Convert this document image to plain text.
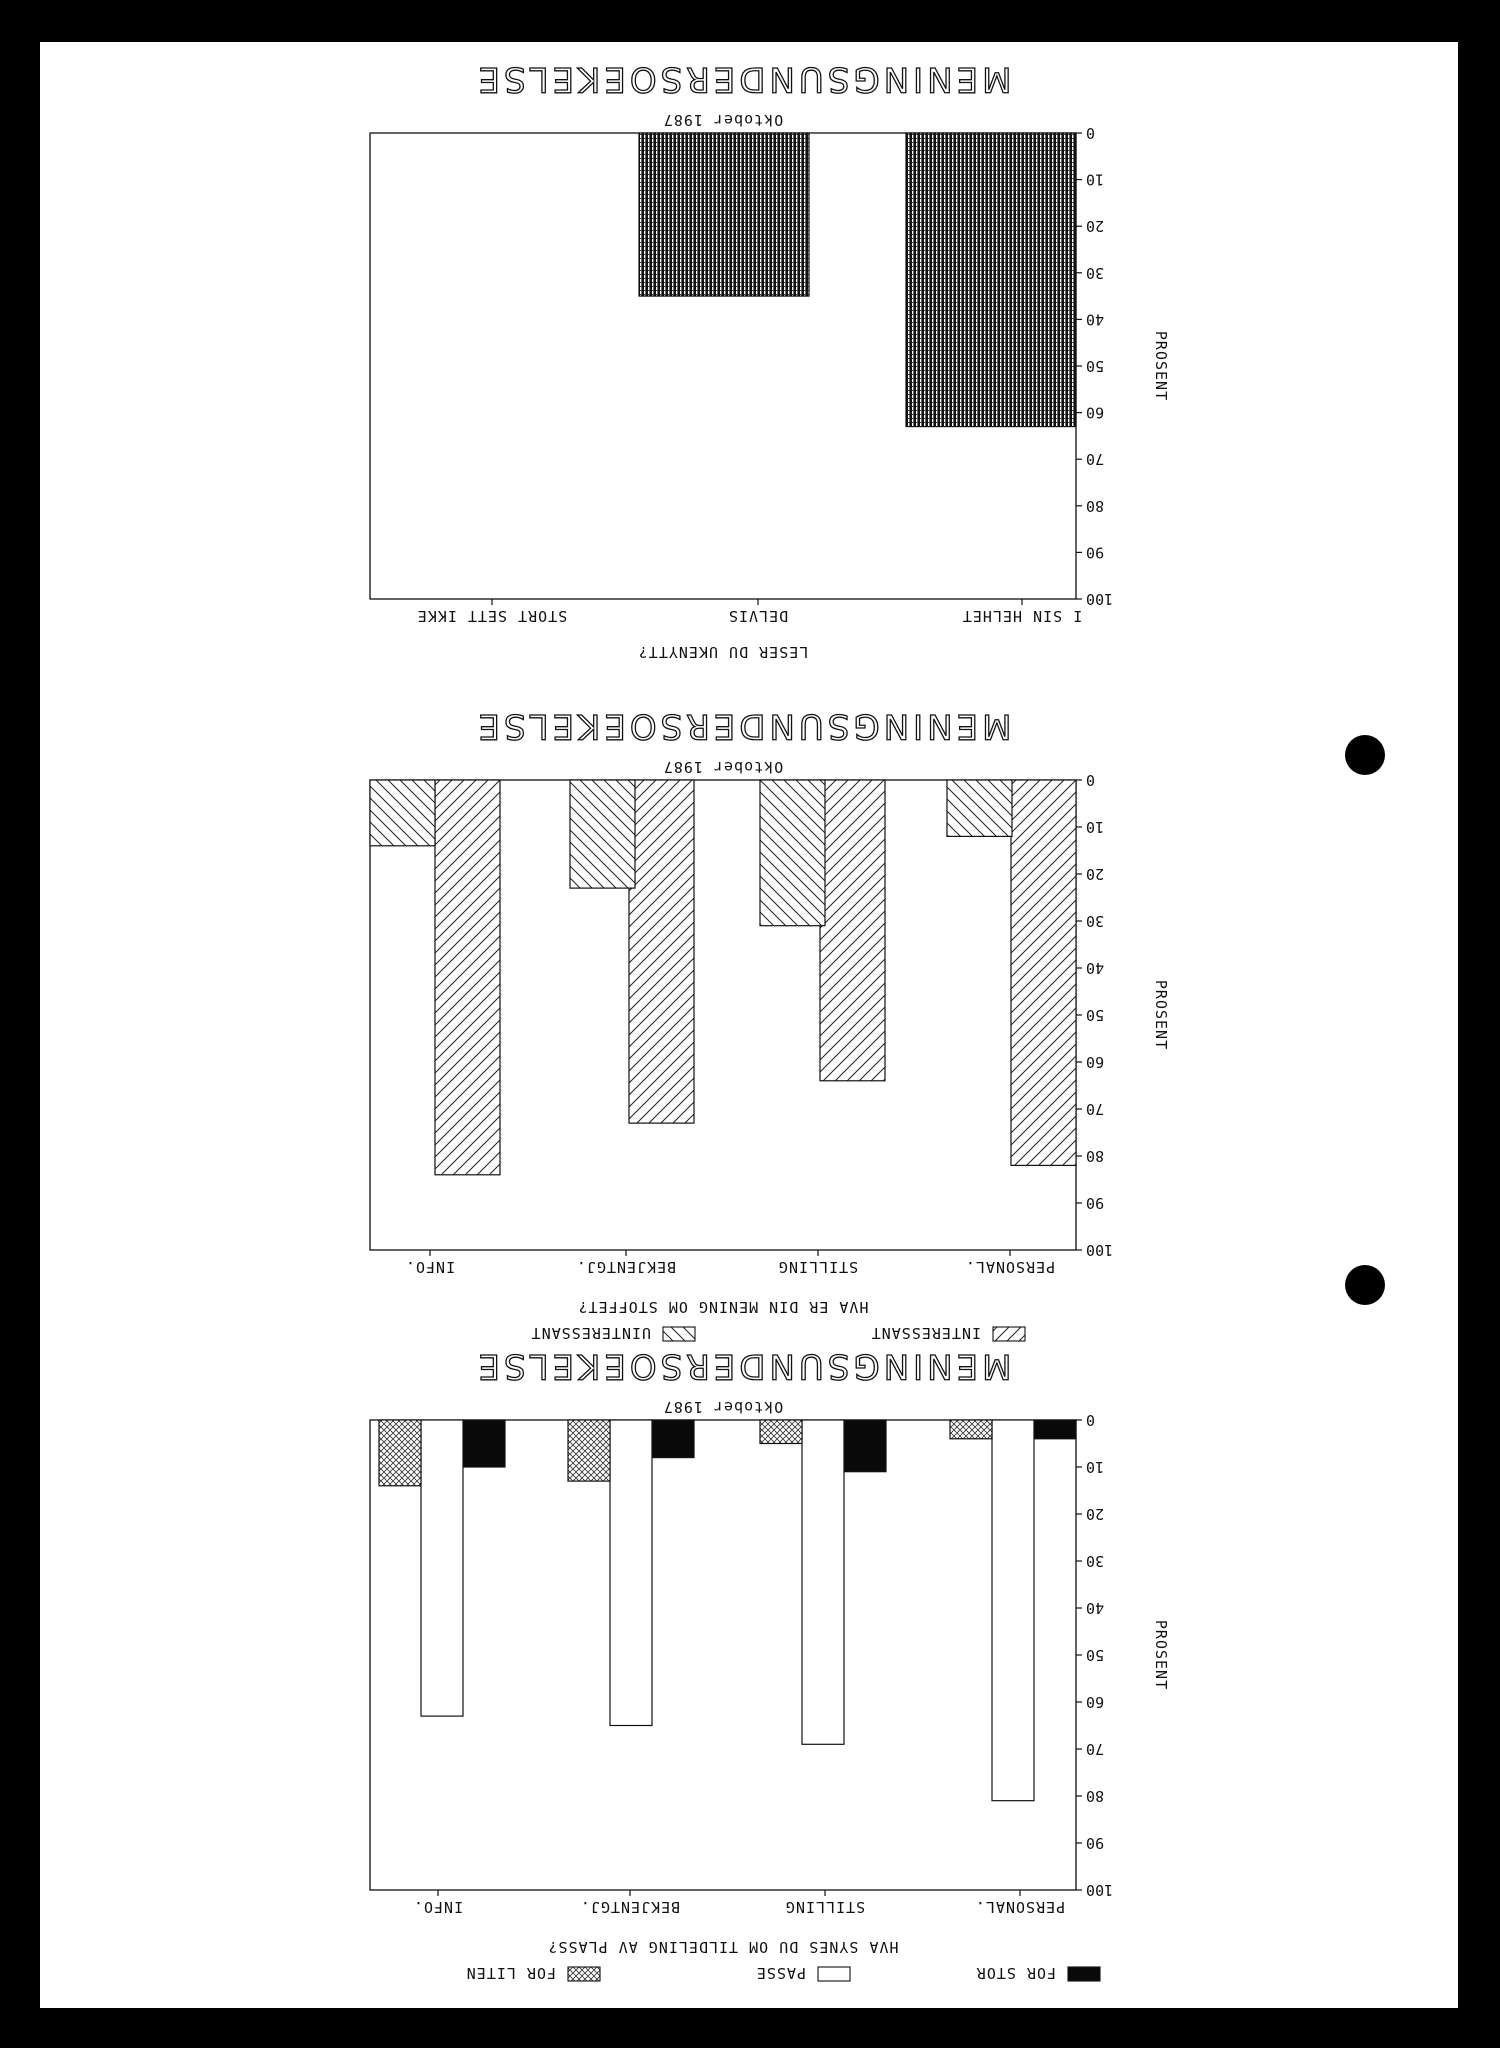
MENINGSUNDERSOEKELSE
Oktober 1987
0
10
20
30
40
50
60
70
80
90
100
PROSENT
I SIN HELHET
DELVIS
STORT SETT IKKE
LESER DU UKENYTT?
MENINGSUNDERSOEKELSE
Oktober 1987
0
10
20
30
40
50
60
70
80
90
100
PROSENT
PERSONAL.
STILLING
BEKJENTGJ.
INFO.
HVA ER DIN MENING OM STOFFET?
INTERESSANT
UINTERESSANT
MENINGSUNDERSOEKELSE
Oktober 1987
0
10
20
30
40
50
60
70
80
90
100
PROSENT
PERSONAL.
STILLING
BEKJENTGJ.
INFO.
HVA SYNES DU OM TILDELING AV PLASS?
FOR STOR
PASSE
FOR LITEN
